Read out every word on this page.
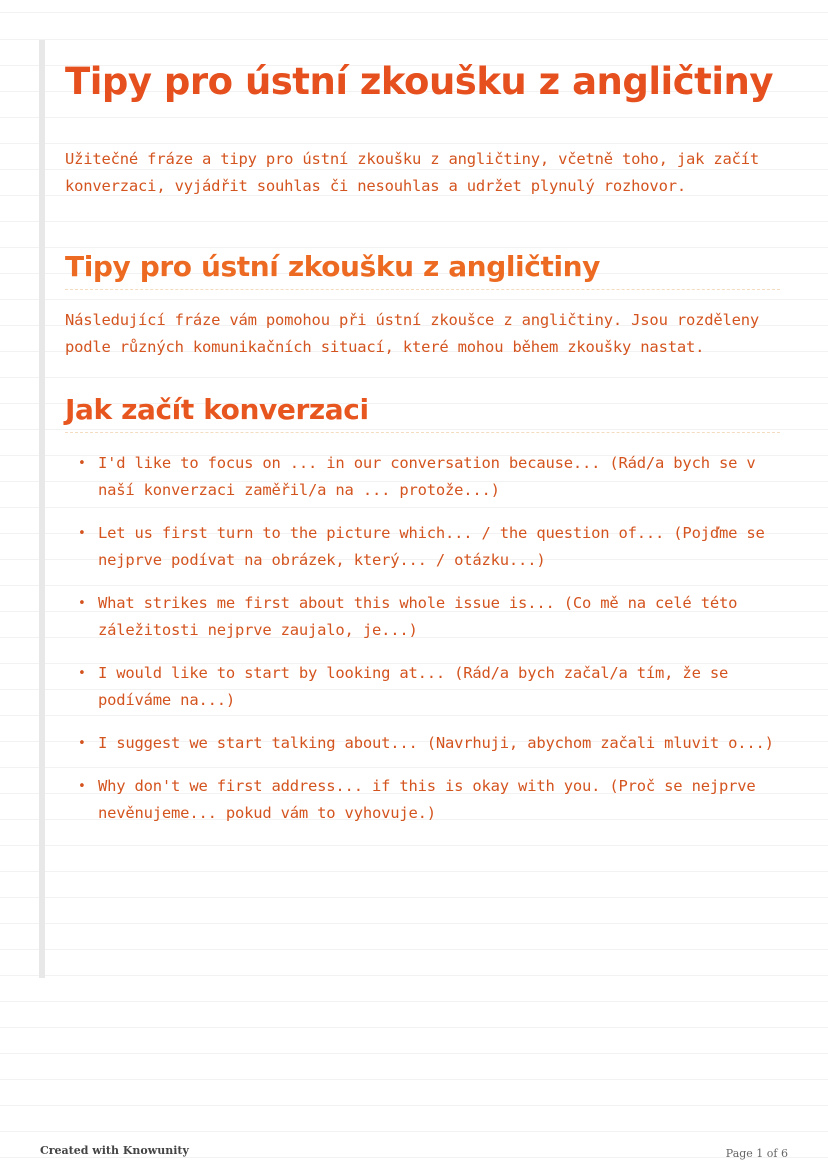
Tipy pro ústní zkoušku z angličtiny

Užitečné fráze a tipy pro ústní zkoušku z angličtiny, včetně toho, jak začít konverzaci, vyjádřit souhlas či nesouhlas a udržet plynulý rozhovor.

Tipy pro ústní zkoušku z angličtiny

Následující fráze vám pomohou při ústní zkoušce z angličtiny. Jsou rozděleny podle různých komunikačních situací, které mohou během zkoušky nastat.

Jak začít konverzaci
• I'd like to focus on ... in our conversation because... (Rád/a bych se v naší konverzaci zaměřil/a na ... protože...)
• Let us first turn to the picture which... / the question of... (Pojďme se nejprve podívat na obrázek, který... / otázku...)
• What strikes me first about this whole issue is... (Co mě na celé této záležitosti nejprve zaujalo, je...)
• I would like to start by looking at... (Rád/a bych začal/a tím, že se podíváme na...)
• I suggest we start talking about... (Navrhuji, abychom začali mluvit o...)
• Why don't we first address... if this is okay with you. (Proč se nejprve nevěnujeme... pokud vám to vyhovuje.)
Created with Knowunity	Page 1 of 6
